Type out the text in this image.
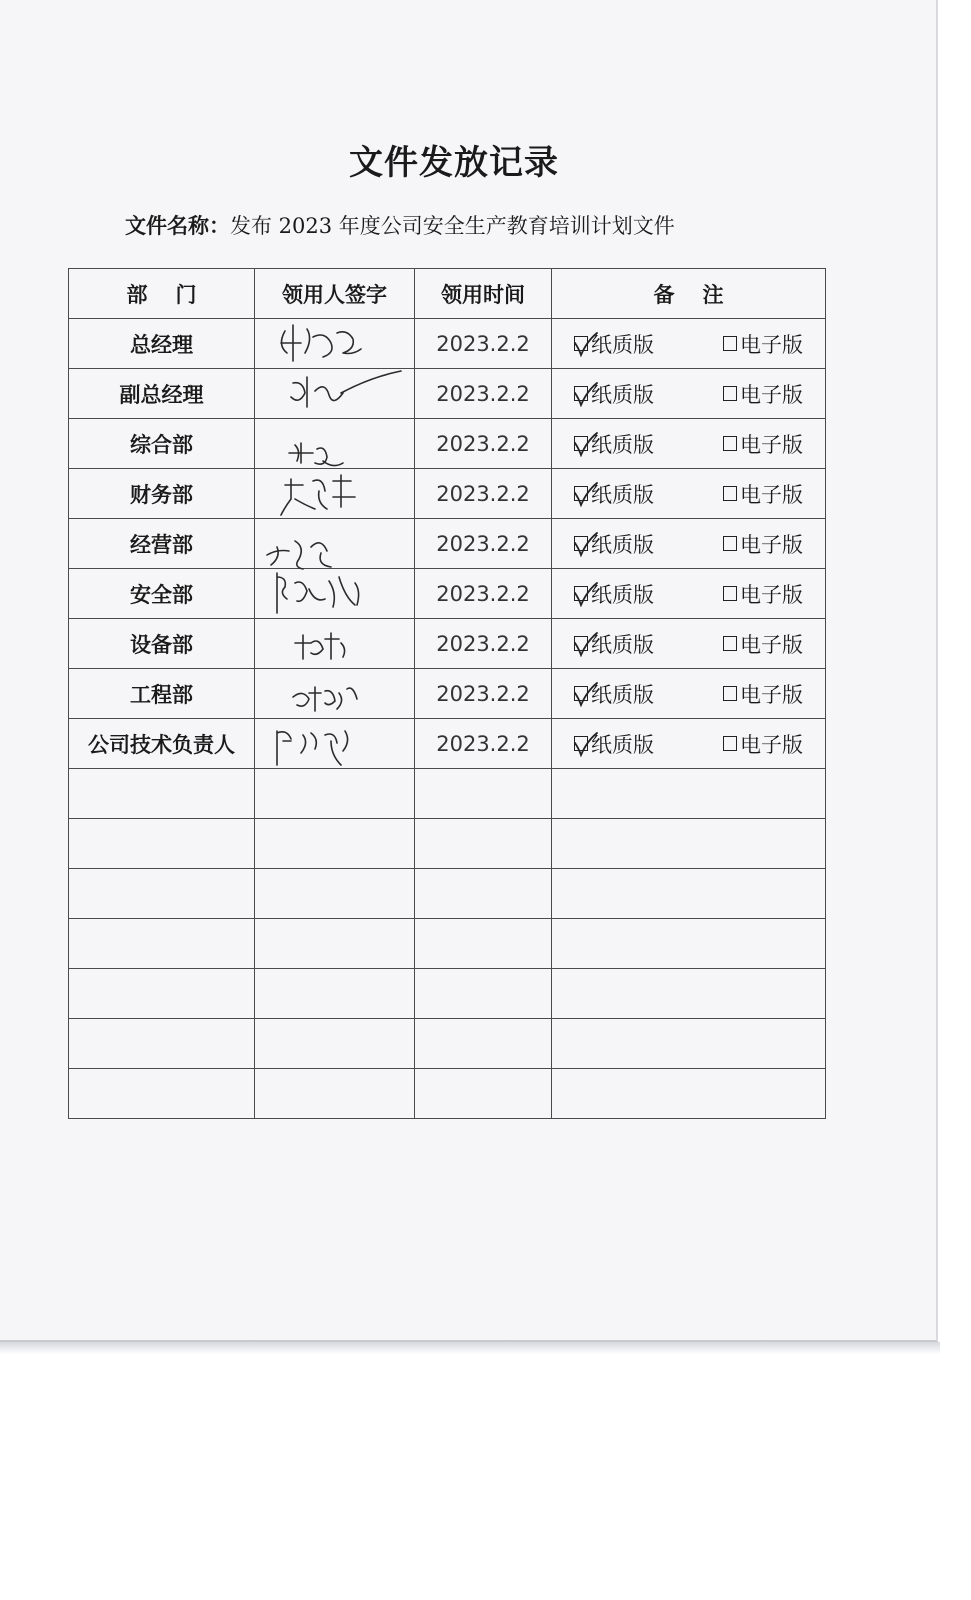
文件发放记录
文件名称：发布 2023 年度公司安全生产教育培训计划文件
部门	领用人签字	领用时间	备注
总经理		2023.2.2	纸质版 电子版

副总经理		2023.2.2	纸质版 电子版

综合部		2023.2.2	纸质版 电子版

财务部		2023.2.2	纸质版 电子版

经营部		2023.2.2	纸质版 电子版

安全部		2023.2.2	纸质版 电子版

设备部		2023.2.2	纸质版 电子版

工程部		2023.2.2	纸质版 电子版

公司技术负责人		2023.2.2	纸质版 电子版
